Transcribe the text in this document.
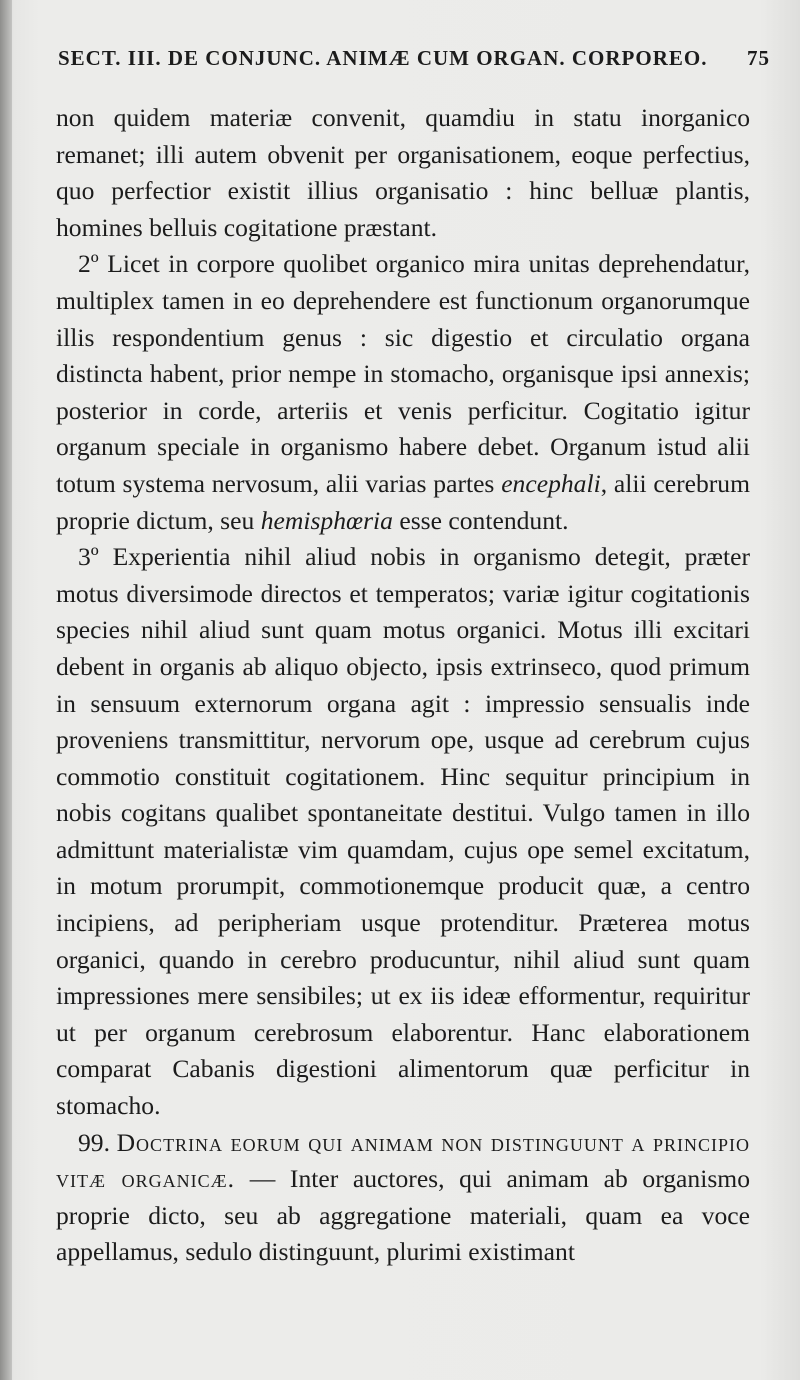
SECT. III. DE CONJUNC. ANIMÆ CUM ORGAN. CORPOREO. 75

non quidem materiæ convenit, quamdiu in statu inorganico remanet; illi autem obvenit per organisationem, eoque perfectius, quo perfectior existit illius organisatio : hinc belluæ plantis, homines belluis cogitatione præstant.

2º Licet in corpore quolibet organico mira unitas deprehendatur, multiplex tamen in eo deprehendere est functionum organorumque illis respondentium genus : sic digestio et circulatio organa distincta habent, prior nempe in stomacho, organisque ipsi annexis; posterior in corde, arteriis et venis perficitur. Cogitatio igitur organum speciale in organismo habere debet. Organum istud alii totum systema nervosum, alii varias partes encephali, alii cerebrum proprie dictum, seu hemisphœria esse contendunt.

3º Experientia nihil aliud nobis in organismo detegit, præter motus diversimode directos et temperatos; variæ igitur cogitationis species nihil aliud sunt quam motus organici. Motus illi excitari debent in organis ab aliquo objecto, ipsis extrinseco, quod primum in sensuum externorum organa agit : impressio sensualis inde proveniens transmittitur, nervorum ope, usque ad cerebrum cujus commotio constituit cogitationem. Hinc sequitur principium in nobis cogitans qualibet spontaneitate destitui. Vulgo tamen in illo admittunt materialistæ vim quamdam, cujus ope semel excitatum, in motum prorumpit, commotionemque producit quæ, a centro incipiens, ad peripheriam usque protenditur. Præterea motus organici, quando in cerebro producuntur, nihil aliud sunt quam impressiones mere sensibiles; ut ex iis ideæ efformentur, requiritur ut per organum cerebrosum elaborentur. Hanc elaborationem comparat Cabanis digestioni alimentorum quæ perficitur in stomacho.

99. Doctrina eorum qui animam non distinguunt a principio vitæ organicæ. — Inter auctores, qui animam ab organismo proprie dicto, seu ab aggregatione materiali, quam ea voce appellamus, sedulo distinguunt, plurimi existimant
